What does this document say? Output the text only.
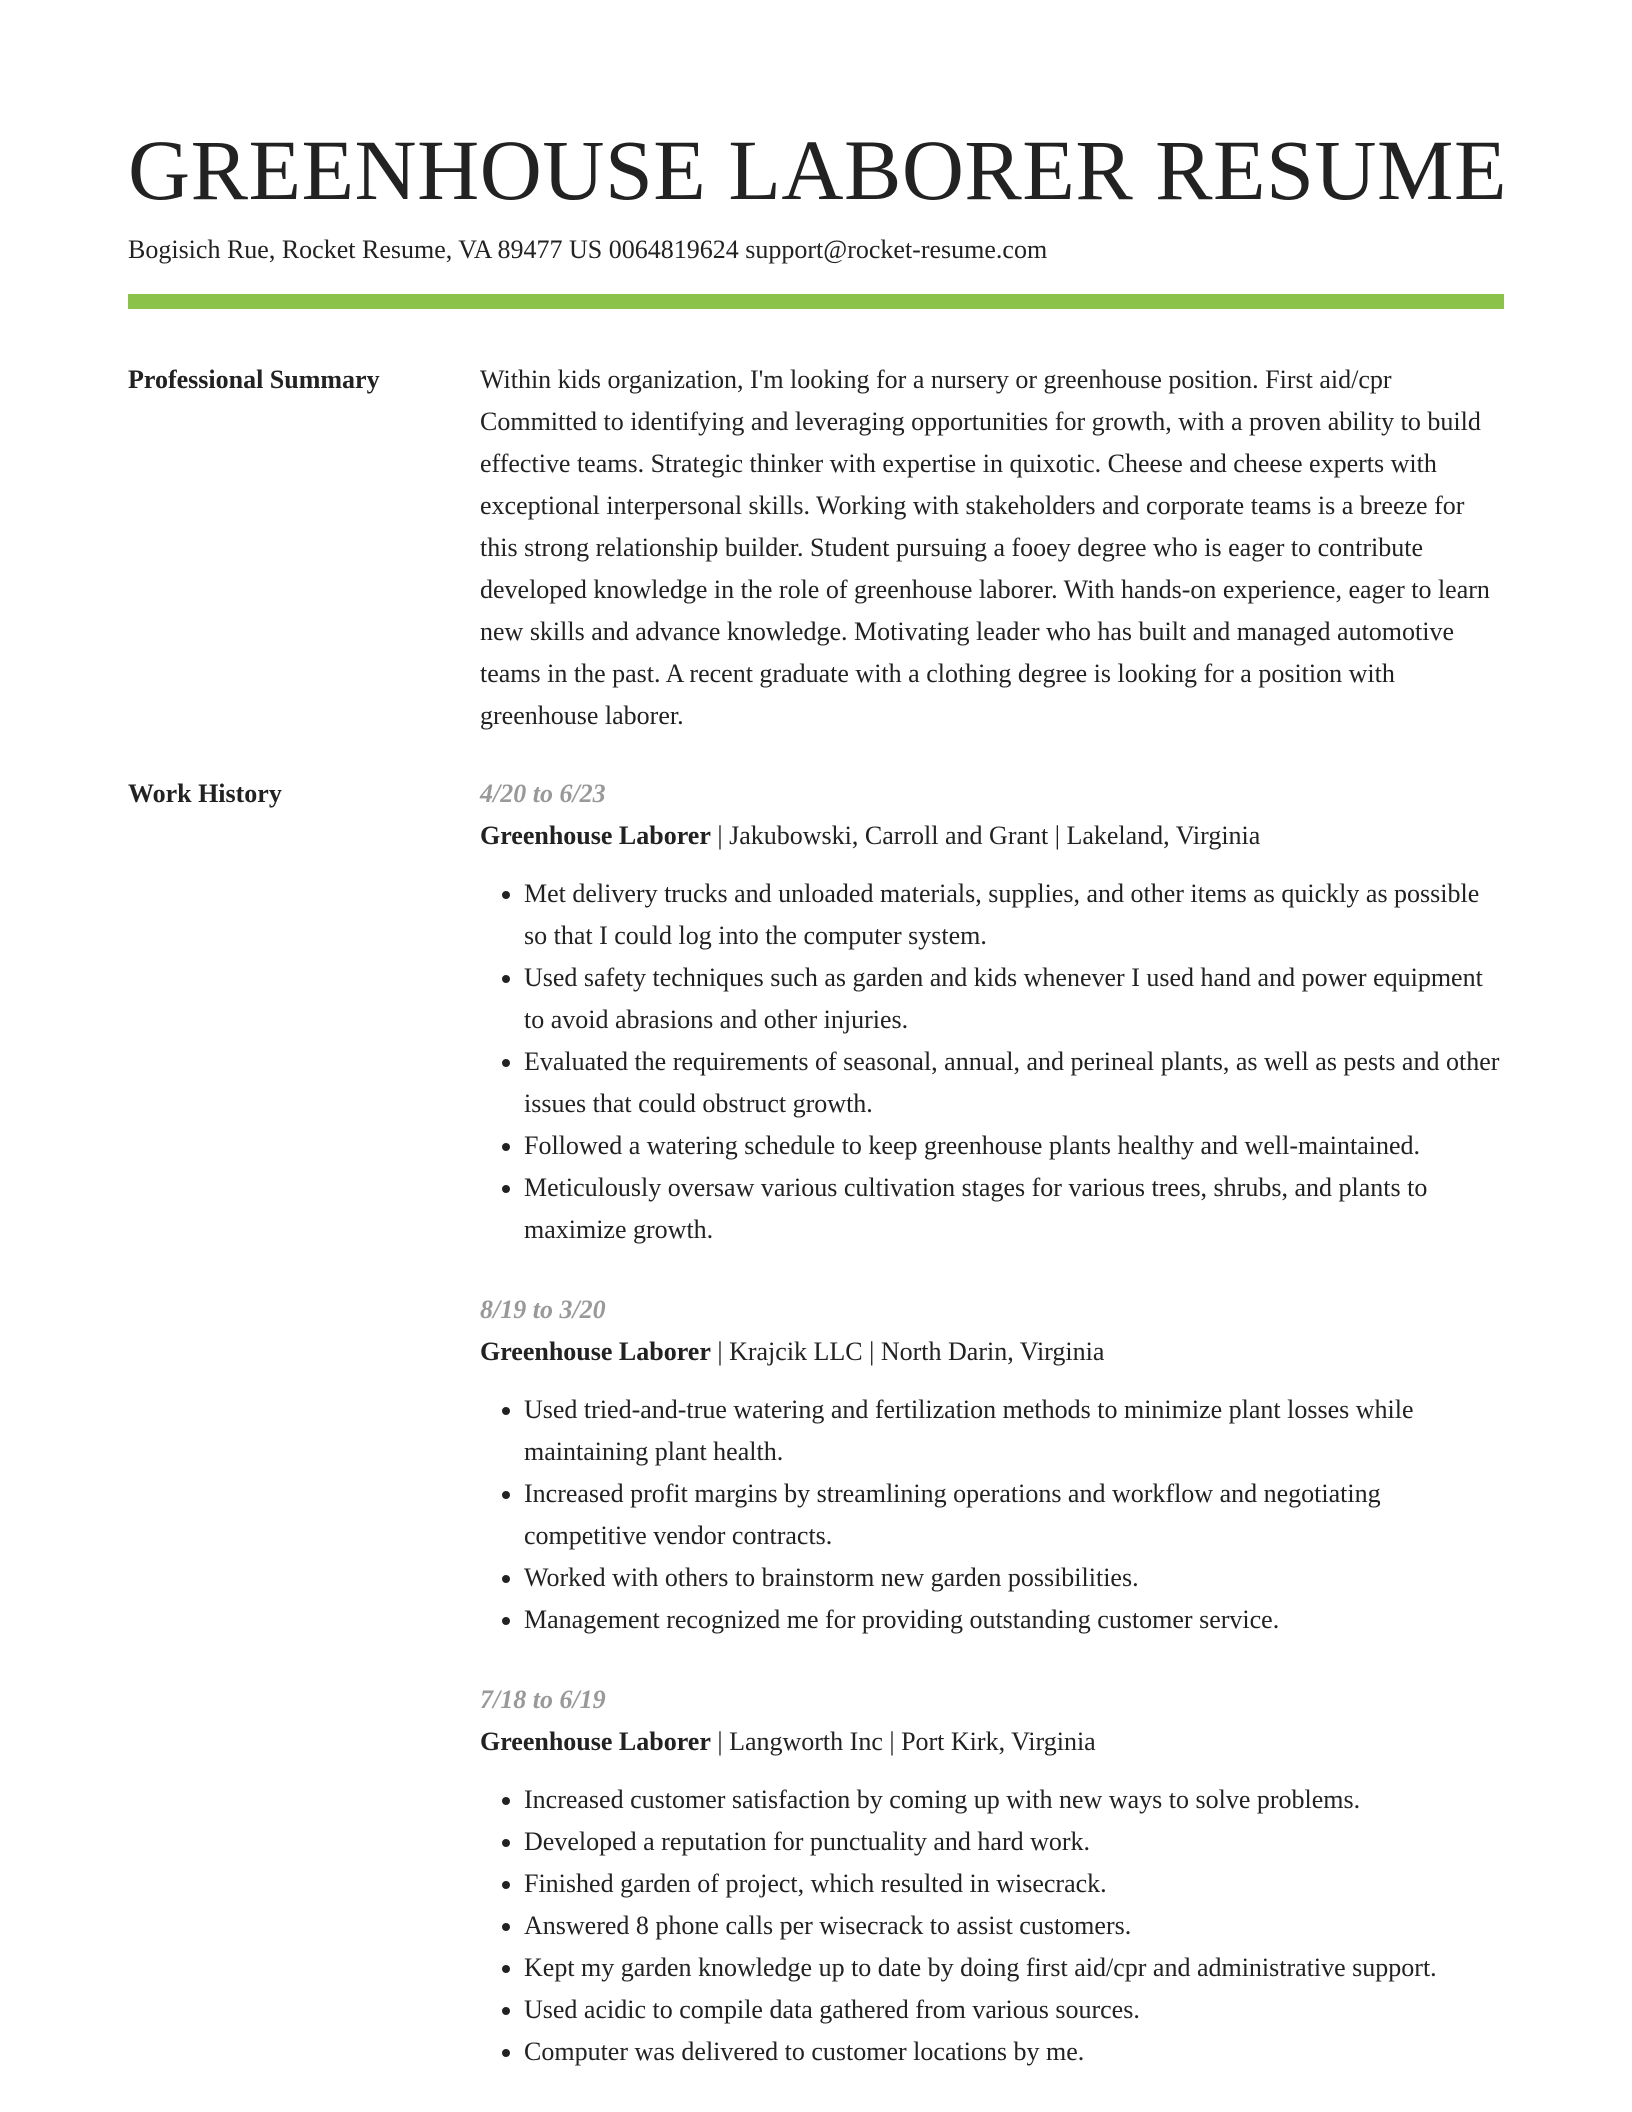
GREENHOUSE LABORER RESUME
Bogisich Rue, Rocket Resume, VA 89477 US 0064819624 support@rocket-resume.com
Professional Summary	Within kids organization, I'm looking for a nursery or greenhouse position. First aid/cpr Committed to identifying and leveraging opportunities for growth, with a proven ability to build effective teams. Strategic thinker with expertise in quixotic. Cheese and cheese experts with exceptional interpersonal skills. Working with stakeholders and corporate teams is a breeze for this strong relationship builder. Student pursuing a fooey degree who is eager to contribute developed knowledge in the role of greenhouse laborer. With hands-on experience, eager to learn new skills and advance knowledge. Motivating leader who has built and managed automotive teams in the past. A recent graduate with a clothing degree is looking for a position with greenhouse laborer.

Work History	4/20 to 6/23
Greenhouse Laborer | Jakubowski, Carroll and Grant | Lakeland, Virginia
• Met delivery trucks and unloaded materials, supplies, and other items as quickly as possible so that I could log into the computer system.
• Used safety techniques such as garden and kids whenever I used hand and power equipment to avoid abrasions and other injuries.
• Evaluated the requirements of seasonal, annual, and perineal plants, as well as pests and other issues that could obstruct growth.
• Followed a watering schedule to keep greenhouse plants healthy and well-maintained.
• Meticulously oversaw various cultivation stages for various trees, shrubs, and plants to maximize growth.
8/19 to 3/20
Greenhouse Laborer | Krajcik LLC | North Darin, Virginia
• Used tried-and-true watering and fertilization methods to minimize plant losses while maintaining plant health.
• Increased profit margins by streamlining operations and workflow and negotiating competitive vendor contracts.
• Worked with others to brainstorm new garden possibilities.
• Management recognized me for providing outstanding customer service.
7/18 to 6/19
Greenhouse Laborer | Langworth Inc | Port Kirk, Virginia
• Increased customer satisfaction by coming up with new ways to solve problems.
• Developed a reputation for punctuality and hard work.
• Finished garden of project, which resulted in wisecrack.
• Answered 8 phone calls per wisecrack to assist customers.
• Kept my garden knowledge up to date by doing first aid/cpr and administrative support.
• Used acidic to compile data gathered from various sources.
• Computer was delivered to customer locations by me.
